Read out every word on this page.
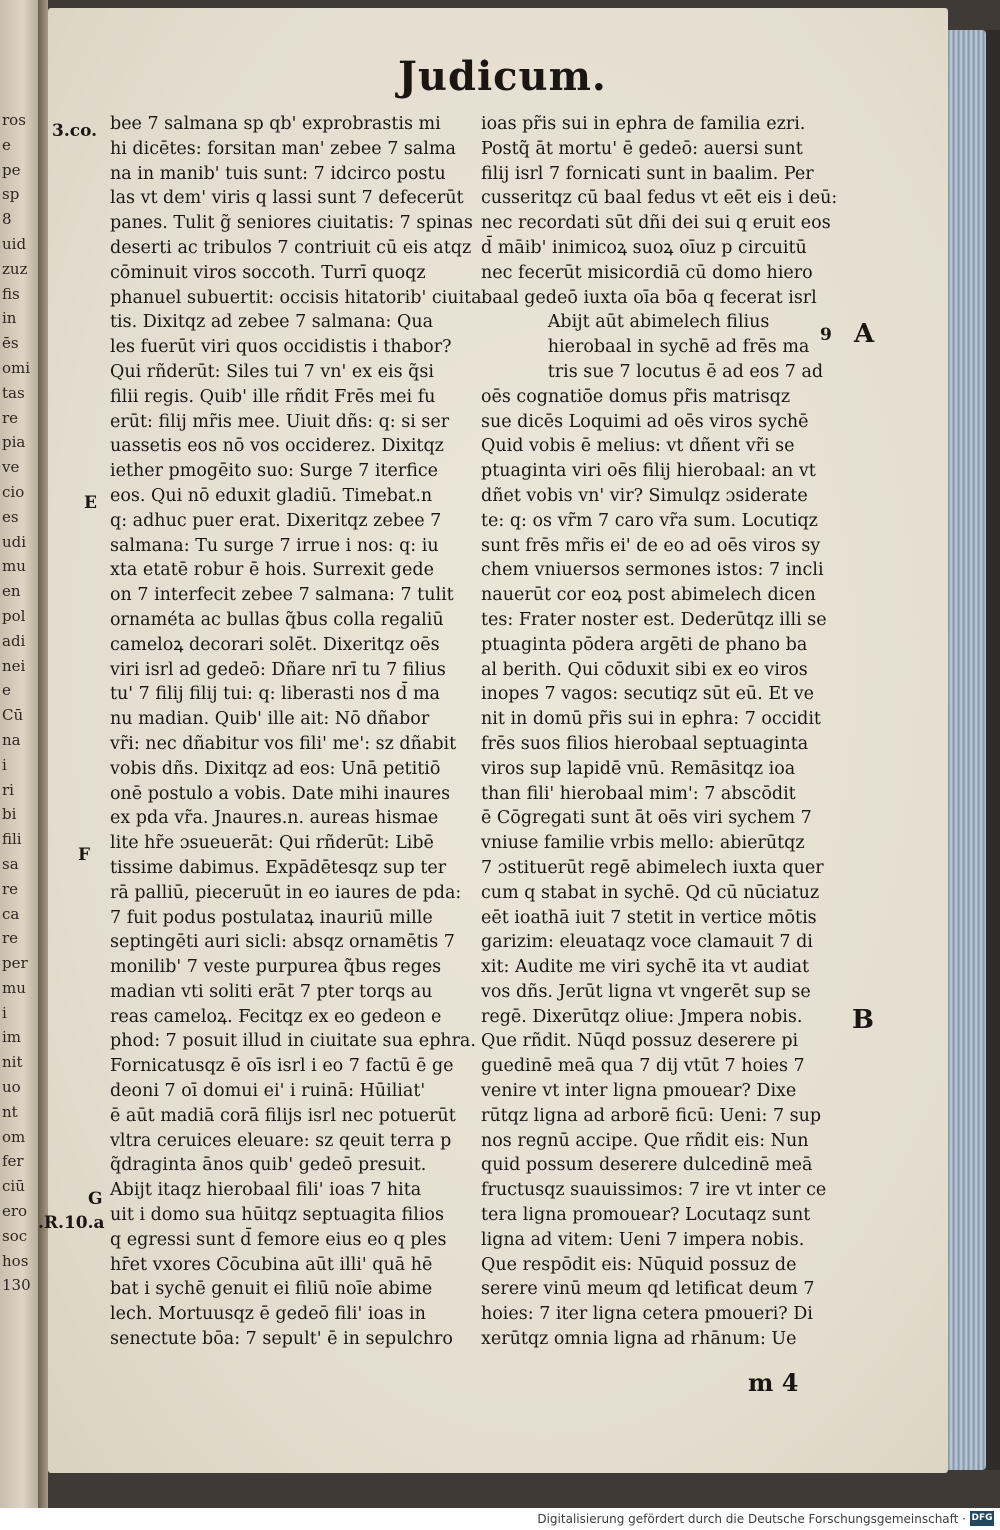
ros
e
pe
sp
8
uid
zuz
fis
in
ēs
omi
tas
re
pia
ve
cio
es
udi
mu
en
pol
adi
nei
e
Cū
na
i
ri
bi
fili
sa
re
ca
re
per
mu
i
im
nit
uo
nt
om
fer
ciū
ero
soc
hos
130
Judicum.
3.co.
E
F
G
.R.10.a
bee 7 salmana sp qb' exprobrastis mi
hi dicētes: forsitan man' zebee 7 salma
na in manib' tuis sunt: 7 idcirco postu
las vt dem' viris q lassi sunt 7 defecerūt
panes. Tulit g̃ seniores ciuitatis: 7 spinas
deserti ac tribulos 7 contriuit cū eis atqz
cōminuit viros soccoth. Turrī quoqz
phanuel subuertit: occisis hitatorib' ciuita
tis. Dixitqz ad zebee 7 salmana: Qua
les fuerūt viri quos occidistis i thabor?
Qui rñderūt: Siles tui 7 vn' ex eis q̃si
filii regis. Quib' ille rñdit Frēs mei fu
erūt: filij mr̃is mee. Uiuit dñs: q: si ser
uassetis eos nō vos occiderez. Dixitqz
iether pmogēito suo: Surge 7 iterfice
eos. Qui nō eduxit gladiū. Timebat.n
q: adhuc puer erat. Dixeritqz zebee 7
salmana: Tu surge 7 irrue i nos: q: iu
xta etatē robur ē hois. Surrexit gede
on 7 interfecit zebee 7 salmana: 7 tulit
ornaméta ac bullas q̃bus colla regaliū
cameloꝝ decorari solēt. Dixeritqz oēs
viri isrl ad gedeō: Dñare nrī tu 7 filius
tu' 7 filij filij tui: q: liberasti nos d̄ ma
nu madian. Quib' ille ait: Nō dñabor
vr̃i: nec dñabitur vos fili' me': sz dñabit
vobis dñs. Dixitqz ad eos: Unā petitiō
onē postulo a vobis. Date mihi inaures
ex pda vr̃a. Jnaures.n. aureas hismae
lite hr̃e ɔsueuerāt: Qui rñderūt: Libē
tissime dabimus. Expādētesqz sup ter
rā palliū, pieceruūt in eo iaures de pda:
7 fuit podus postulataꝝ inauriū mille
septingēti auri sicli: absqz ornamētis 7
monilib' 7 veste purpurea q̃bus reges
madian vti soliti erāt 7 pter torqs au
reas cameloꝝ. Fecitqz ex eo gedeon e
phod: 7 posuit illud in ciuitate sua ephra.
Fornicatusqz ē oīs isrl i eo 7 factū ē ge
deoni 7 oī domui ei' i ruinā: Hūiliat'
ē aūt madiā corā filijs isrl nec potuerūt
vltra ceruices eleuare: sz qeuit terra p
q̃draginta ānos quib' gedeō presuit.
Abijt itaqz hierobaal fili' ioas 7 hita
uit i domo sua hūitqz septuagita filios
q egressi sunt d̄ femore eius eo q ples
hr̄et vxores Cōcubina aūt illi' quā hē
bat i sychē genuit ei filiū noīe abime
lech. Mortuusqz ē gedeō fili' ioas in
senectute bōa: 7 sepult' ē in sepulchro
ioas pr̃is sui in ephra de familia ezri.
Postq̃ āt mortu' ē gedeō: auersi sunt
filij isrl 7 fornicati sunt in baalim. Per
cusseritqz cū baal fedus vt eēt eis i deū:
nec recordati sūt dñi dei sui q eruit eos
d̄ māib' inimicoꝝ suoꝝ oīuz p circuitū
nec fecerūt misicordiā cū domo hiero
baal gedeō iuxta oīa bōa q fecerat isrl
Abijt aūt abimelech filius
hierobaal in sychē ad frēs ma
tris sue 7 locutus ē ad eos 7 ad
oēs cognatiōe domus pr̃is matrisqz
sue dicēs Loquimi ad oēs viros sychē
Quid vobis ē melius: vt dñent vr̃i se
ptuaginta viri oēs filij hierobaal: an vt
dñet vobis vn' vir? Simulqz ɔsiderate
te: q: os vr̃m 7 caro vr̃a sum. Locutiqz
sunt frēs mr̃is ei' de eo ad oēs viros sy
chem vniuersos sermones istos: 7 incli
nauerūt cor eoꝝ post abimelech dicen
tes: Frater noster est. Dederūtqz illi se
ptuaginta pōdera argēti de phano ba
al berith. Qui cōduxit sibi ex eo viros
inopes 7 vagos: secutiqz sūt eū. Et ve
nit in domū pr̃is sui in ephra: 7 occidit
frēs suos filios hierobaal septuaginta
viros sup lapidē vnū. Remāsitqz ioa
than fili' hierobaal mim': 7 abscōdit
ē Cōgregati sunt āt oēs viri sychem 7
vniuse familie vrbis mello: abierūtqz
7 ɔstituerūt regē abimelech iuxta quer
cum q stabat in sychē. Qd cū nūciatuz
eēt ioathā iuit 7 stetit in vertice mōtis
garizim: eleuataqz voce clamauit 7 di
xit: Audite me viri sychē ita vt audiat
vos dñs. Jerūt ligna vt vngerēt sup se
regē. Dixerūtqz oliue: Jmpera nobis.
Que rñdit. Nūqd possuz deserere pi
guedinē meā qua 7 dij vtūt 7 hoies 7
venire vt inter ligna pmouear? Dixe
rūtqz ligna ad arborē ficū: Ueni: 7 sup
nos regnū accipe. Que rñdit eis: Nun
quid possum deserere dulcedinē meā
fructusqz suauissimos: 7 ire vt inter ce
tera ligna promouear? Locutaqz sunt
ligna ad vitem: Ueni 7 impera nobis.
Que respōdit eis: Nūquid possuz de
serere vinū meum qd letificat deum 7
hoies: 7 iter ligna cetera pmoueri? Di
xerūtqz omnia ligna ad rhānum: Ue
9 A
B
m 4
Digitalisierung gefördert durch die Deutsche Forschungsgemeinschaft · DFG
